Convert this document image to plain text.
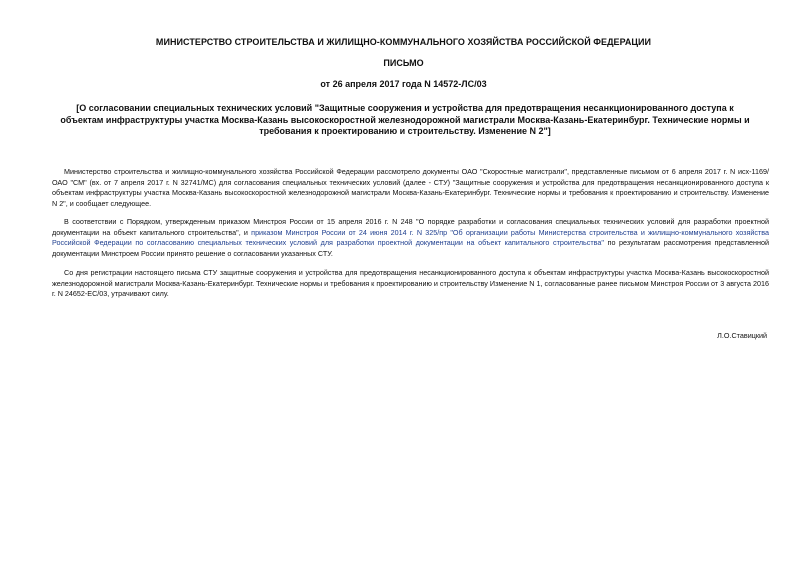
МИНИСТЕРСТВО СТРОИТЕЛЬСТВА И ЖИЛИЩНО-КОММУНАЛЬНОГО ХОЗЯЙСТВА РОССИЙСКОЙ ФЕДЕРАЦИИ
ПИСЬМО
от 26 апреля 2017 года N 14572-ЛС/03
[О согласовании специальных технических условий "Защитные сооружения и устройства для предотвращения несанкционированного доступа к объектам инфраструктуры участка Москва-Казань высокоскоростной железнодорожной магистрали Москва-Казань-Екатеринбург. Технические нормы и требования к проектированию и строительству. Изменение N 2"]

Министерство строительства и жилищно-коммунального хозяйства Российской Федерации рассмотрело документы ОАО "Скоростные магистрали", представленные письмом от 6 апреля 2017 г. N исх-1169/ОАО "СМ" (вх. от 7 апреля 2017 г. N 32741/МС) для согласования специальных технических условий (далее - СТУ) "Защитные сооружения и устройства для предотвращения несанкционированного доступа к объектам инфраструктуры участка Москва-Казань высокоскоростной железнодорожной магистрали Москва-Казань-Екатеринбург. Технические нормы и требования к проектированию и строительству. Изменение N 2", и сообщает следующее.

В соответствии с Порядком, утвержденным приказом Минстроя России от 15 апреля 2016 г. N 248 "О порядке разработки и согласования специальных технических условий для разработки проектной документации на объект капитального строительства", и приказом Минстроя России от 24 июня 2014 г. N 325/пр "Об организации работы Министерства строительства и жилищно-коммунального хозяйства Российской Федерации по согласованию специальных технических условий для разработки проектной документации на объект капитального строительства" по результатам рассмотрения представленной документации Минстроем России принято решение о согласовании указанных СТУ.

Со дня регистрации настоящего письма СТУ защитные сооружения и устройства для предотвращения несанкционированного доступа к объектам инфраструктуры участка Москва-Казань высокоскоростной железнодорожной магистрали Москва-Казань-Екатеринбург. Технические нормы и требования к проектированию и строительству Изменение N 1, согласованные ранее письмом Минстроя России от 3 августа 2016 г. N 24652-ЕС/03, утрачивают силу.

Л.О.Ставицкий
